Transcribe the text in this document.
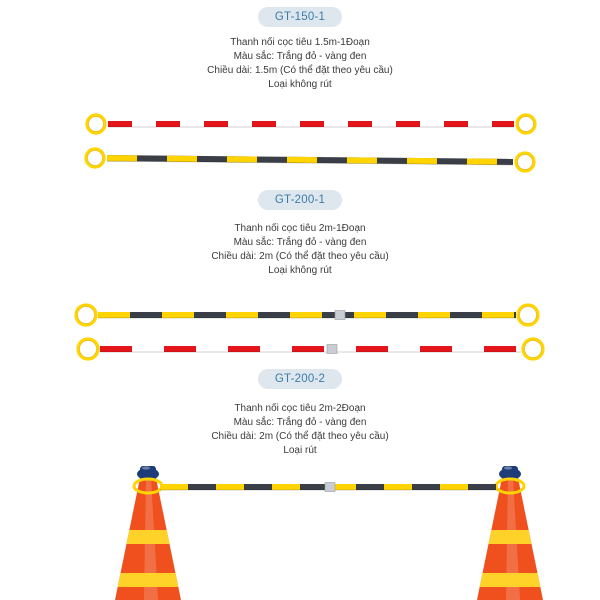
GT-150-1
Thanh nối cọc tiêu 1.5m-1Đoạn
Màu sắc: Trắng đỏ - vàng đen
Chiều dài: 1.5m (Có thể đặt theo yêu cầu)
Loại không rút
GT-200-1
Thanh nối cọc tiêu 2m-1Đoạn
Màu sắc: Trắng đỏ - vàng đen
Chiều dài: 2m (Có thể đặt theo yêu cầu)
Loại không rút
GT-200-2
Thanh nối cọc tiêu 2m-2Đoạn
Màu sắc: Trắng đỏ - vàng đen
Chiều dài: 2m (Có thể đặt theo yêu cầu)
Loại rút
